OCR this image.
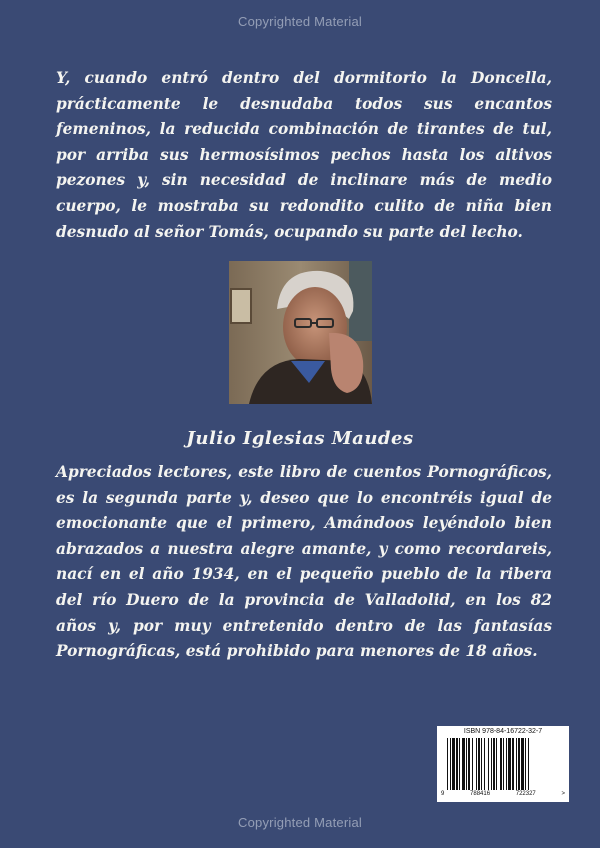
Copyrighted Material

Y, cuando entró dentro del dormitorio la Doncella, prácticamente le desnudaba todos sus encantos femeninos, la reducida combinación de tirantes de tul, por arriba sus hermosísimos pechos hasta los altivos pezones y, sin necesidad de inclinare más de medio cuerpo, le mostraba su redondito culito de niña bien desnudo al señor Tomás, ocupando su parte del lecho.

Julio Iglesias Maudes

Apreciados lectores, este libro de cuentos Pornográficos, es la segunda parte y, deseo que lo encontréis igual de emocionante que el primero, Amándoos leyéndolo bien abrazados a nuestra alegre amante, y como recordareis, nací en el año 1934, en el pequeño pueblo de la ribera del río Duero de la provincia de Valladolid, en los 82 años y, por muy entretenido dentro de las fantasías Pornográficas, está prohibido para menores de 18 años.

ISBN 978-84-16722-32-7
9	788416	722327	>
Copyrighted Material
